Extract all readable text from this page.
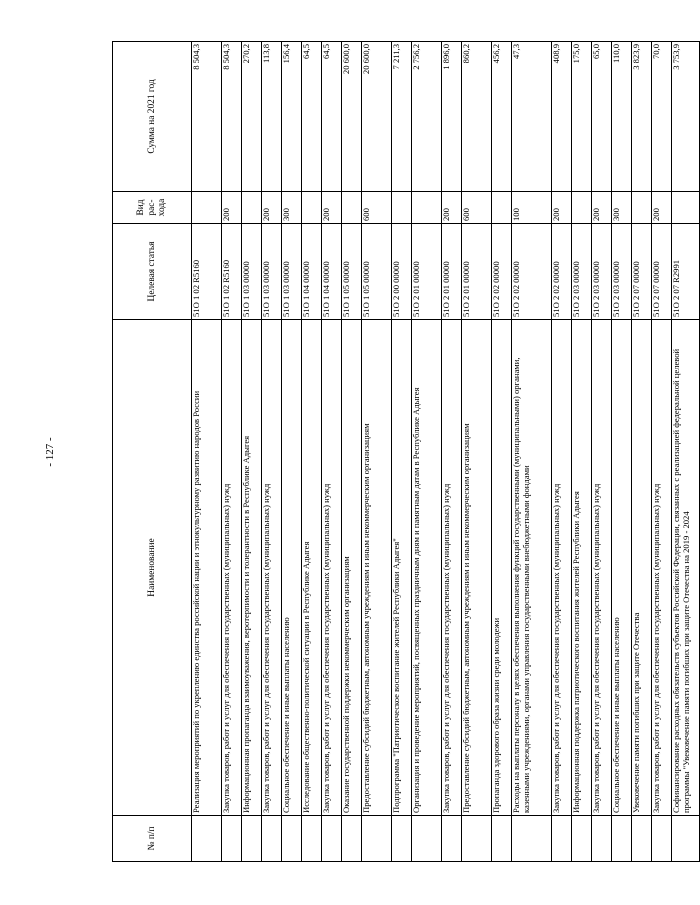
- 127 -
№ п/п	Наименование	Целевая статья	Вид рас- хода	Сумма на 2021 год
	Реализация мероприятий по укреплению единства российской нации и этнокультурному развитию народов России	51О 1 02 R5160		8 504,3
	Закупка товаров, работ и услуг для обеспечения государственных (муниципальных) нужд	51О 1 02 R5160	200	8 504,3
	Информационная пропаганда взаимоуважения, веротерпимости и толерантности в Республике Адыгея	51О 1 03 00000		270,2
	Закупка товаров, работ и услуг для обеспечения государственных (муниципальных) нужд	51О 1 03 00000	200	113,8
	Социальное обеспечение и иные выплаты населению	51О 1 03 00000	300	156,4
	Исследование общественно-политической ситуации в Республике Адыгея	51О 1 04 00000		64,5
	Закупка товаров, работ и услуг для обеспечения государственных (муниципальных) нужд	51О 1 04 00000	200	64,5
	Оказание государственной поддержки некоммерческим организациям	51О 1 05 00000		20 600,0
	Предоставление субсидий бюджетным, автономным учреждениям и иным некоммерческим организациям	51О 1 05 00000	600	20 600,0
	Подпрограмма "Патриотическое воспитание жителей Республики Адыгея"	51О 2 00 00000		7 211,3
	Организация и проведение мероприятий, посвященных праздничным дням и памятным датам в Республике Адыгея	51О 2 01 00000		2 756,2
	Закупка товаров, работ и услуг для обеспечения государственных (муниципальных) нужд	51О 2 01 00000	200	1 896,0
	Предоставление субсидий бюджетным, автономным учреждениям и иным некоммерческим организациям	51О 2 01 00000	600	860,2
	Пропаганда здорового образа жизни среди молодежи	51О 2 02 00000		456,2
	Расходы на выплаты персоналу в целях обеспечения выполнения функций государственными (муниципальными) органами, казенными учреждениями, органами управления государственными внебюджетными фондами	51О 2 02 00000	100	47,3
	Закупка товаров, работ и услуг для обеспечения государственных (муниципальных) нужд	51О 2 02 00000	200	408,9
	Информационная поддержка патриотического воспитания жителей Республики Адыгея	51О 2 03 00000		175,0
	Закупка товаров, работ и услуг для обеспечения государственных (муниципальных) нужд	51О 2 03 00000	200	65,0
	Социальное обеспечение и иные выплаты населению	51О 2 03 00000	300	110,0
	Увековечение памяти погибших при защите Отечества	51О 2 07 00000		3 823,9
	Закупка товаров, работ и услуг для обеспечения государственных (муниципальных) нужд	51О 2 07 00000	200	70,0
	Софинансирование расходных обязательств субъектов Российской Федерации, связанных с реализацией федеральной целевой программы "Увековечение памяти погибших при защите Отечества на 2019 - 2024	51О 2 07 R2991		3 753,9
